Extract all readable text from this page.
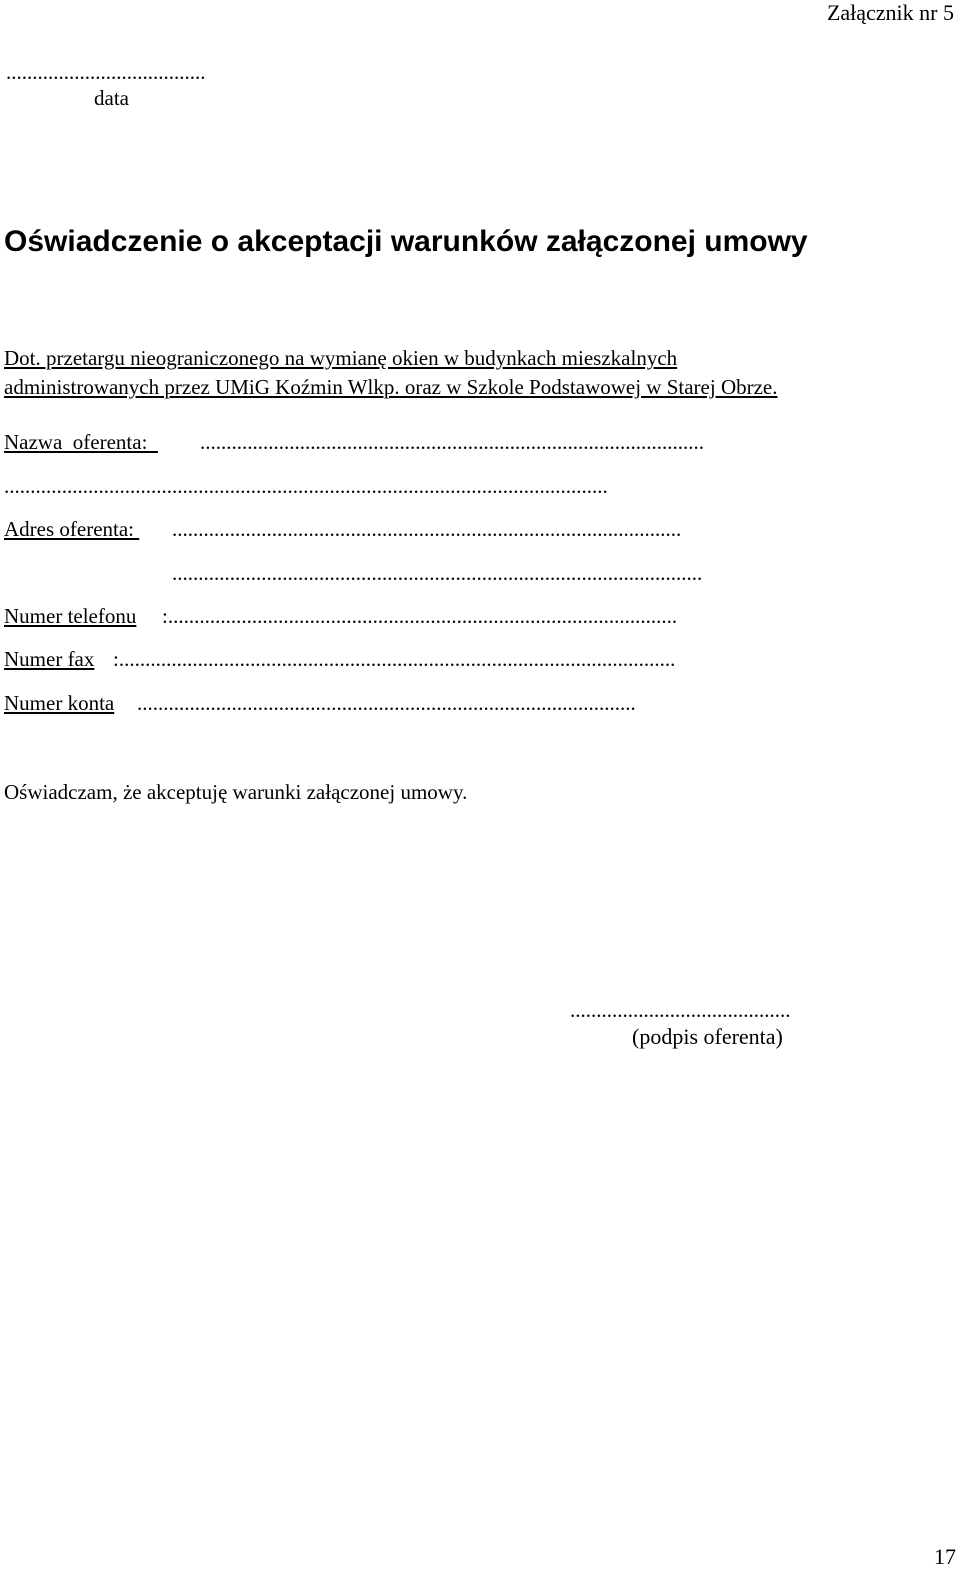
Załącznik nr 5
......................................
data
Oświadczenie o akceptacji warunków załączonej umowy
Dot. przetargu nieograniczonego na wymianę okien w budynkach mieszkalnych
administrowanych przez UMiG Koźmin Wlkp. oraz w Szkole Podstawowej w Starej Obrze.
Nazwa  oferenta: ................................................................................................
...................................................................................................................
Adres oferenta: .................................................................................................
.....................................................................................................
Numer telefonu :.................................................................................................
Numer fax :..........................................................................................................
Numer konta ...............................................................................................
Oświadczam, że akceptuję warunki załączonej umowy.
..........................................
(podpis oferenta)
17
